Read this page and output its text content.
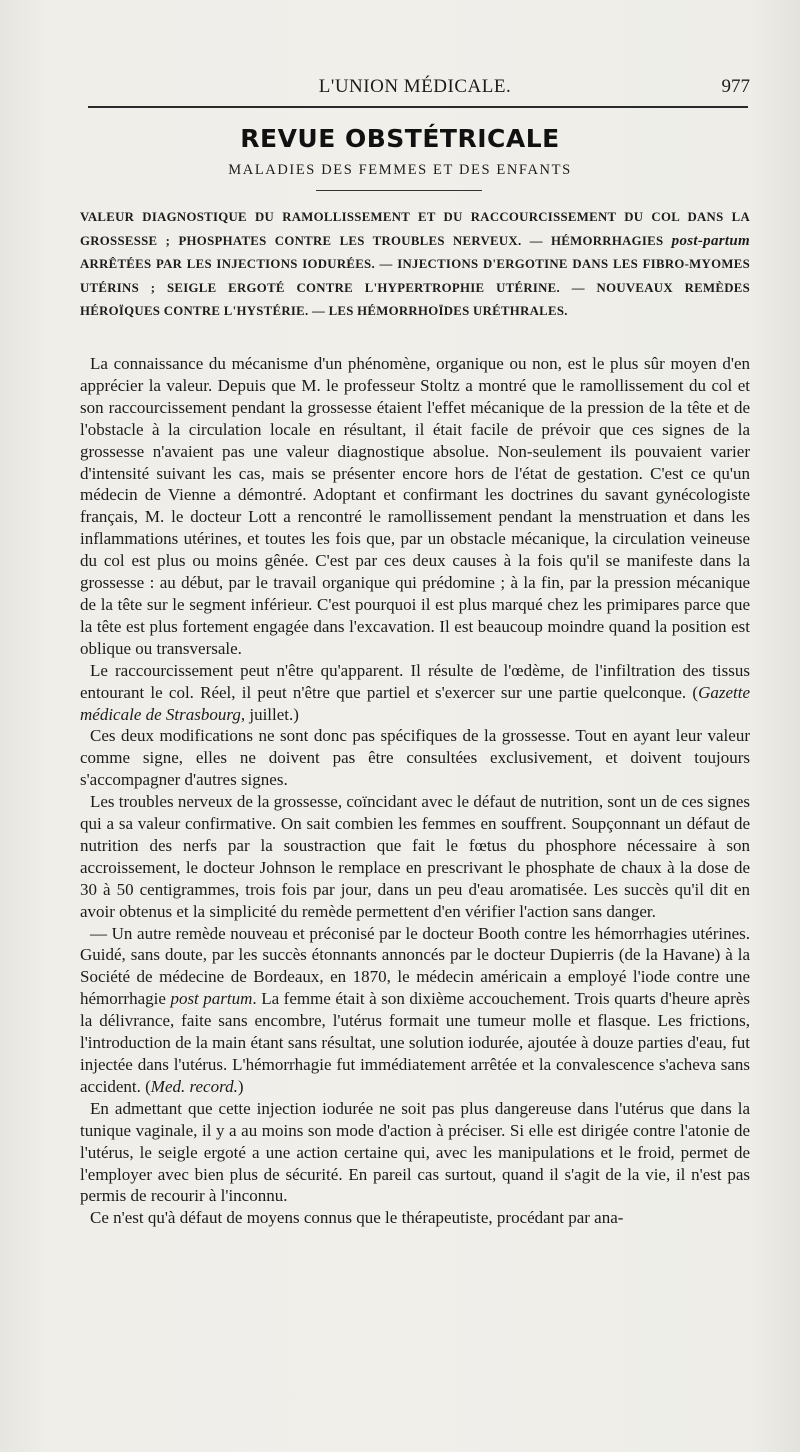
L'UNION MÉDICALE.	977
REVUE OBSTÉTRICALE
MALADIES DES FEMMES ET DES ENFANTS

VALEUR DIAGNOSTIQUE DU RAMOLLISSEMENT ET DU RACCOURCISSEMENT DU COL DANS LA GROSSESSE ; PHOSPHATES CONTRE LES TROUBLES NERVEUX. — HÉMORRHAGIES post-partum ARRÊTÉES PAR LES INJECTIONS IODURÉES. — INJECTIONS D'ERGOTINE DANS LES FIBRO-MYOMES UTÉRINS ; SEIGLE ERGOTÉ CONTRE L'HYPERTROPHIE UTÉRINE. — NOUVEAUX REMÈDES HÉROÏQUES CONTRE L'HYSTÉRIE. — LES HÉMORRHOÏDES URÉTHRALES.

La connaissance du mécanisme d'un phénomène, organique ou non, est le plus sûr moyen d'en apprécier la valeur. Depuis que M. le professeur Stoltz a montré que le ramollissement du col et son raccourcissement pendant la grossesse étaient l'effet mécanique de la pression de la tête et de l'obstacle à la circulation locale en résultant, il était facile de prévoir que ces signes de la grossesse n'avaient pas une valeur diagnostique absolue. Non-seulement ils pouvaient varier d'intensité suivant les cas, mais se présenter encore hors de l'état de gestation. C'est ce qu'un médecin de Vienne a démontré. Adoptant et confirmant les doctrines du savant gynécologiste français, M. le docteur Lott a rencontré le ramollissement pendant la menstruation et dans les inflammations utérines, et toutes les fois que, par un obstacle mécanique, la circulation veineuse du col est plus ou moins gênée. C'est par ces deux causes à la fois qu'il se manifeste dans la grossesse : au début, par le travail organique qui prédomine ; à la fin, par la pression mécanique de la tête sur le segment inférieur. C'est pourquoi il est plus marqué chez les primipares parce que la tête est plus fortement engagée dans l'excavation. Il est beaucoup moindre quand la position est oblique ou transversale.

Le raccourcissement peut n'être qu'apparent. Il résulte de l'œdème, de l'infiltration des tissus entourant le col. Réel, il peut n'être que partiel et s'exercer sur une partie quelconque. (Gazette médicale de Strasbourg, juillet.)

Ces deux modifications ne sont donc pas spécifiques de la grossesse. Tout en ayant leur valeur comme signe, elles ne doivent pas être consultées exclusivement, et doivent toujours s'accompagner d'autres signes.

Les troubles nerveux de la grossesse, coïncidant avec le défaut de nutrition, sont un de ces signes qui a sa valeur confirmative. On sait combien les femmes en souffrent. Soupçonnant un défaut de nutrition des nerfs par la soustraction que fait le fœtus du phosphore nécessaire à son accroissement, le docteur Johnson le remplace en prescrivant le phosphate de chaux à la dose de 30 à 50 centigrammes, trois fois par jour, dans un peu d'eau aromatisée. Les succès qu'il dit en avoir obtenus et la simplicité du remède permettent d'en vérifier l'action sans danger.

— Un autre remède nouveau et préconisé par le docteur Booth contre les hémorrhagies utérines. Guidé, sans doute, par les succès étonnants annoncés par le docteur Dupierris (de la Havane) à la Société de médecine de Bordeaux, en 1870, le médecin américain a employé l'iode contre une hémorrhagie post partum. La femme était à son dixième accouchement. Trois quarts d'heure après la délivrance, faite sans encombre, l'utérus formait une tumeur molle et flasque. Les frictions, l'introduction de la main étant sans résultat, une solution iodurée, ajoutée à douze parties d'eau, fut injectée dans l'utérus. L'hémorrhagie fut immédiatement arrêtée et la convalescence s'acheva sans accident. (Med. record.)

En admettant que cette injection iodurée ne soit pas plus dangereuse dans l'utérus que dans la tunique vaginale, il y a au moins son mode d'action à préciser. Si elle est dirigée contre l'atonie de l'utérus, le seigle ergoté a une action certaine qui, avec les manipulations et le froid, permet de l'employer avec bien plus de sécurité. En pareil cas surtout, quand il s'agit de la vie, il n'est pas permis de recourir à l'inconnu.

Ce n'est qu'à défaut de moyens connus que le thérapeutiste, procédant par ana-
